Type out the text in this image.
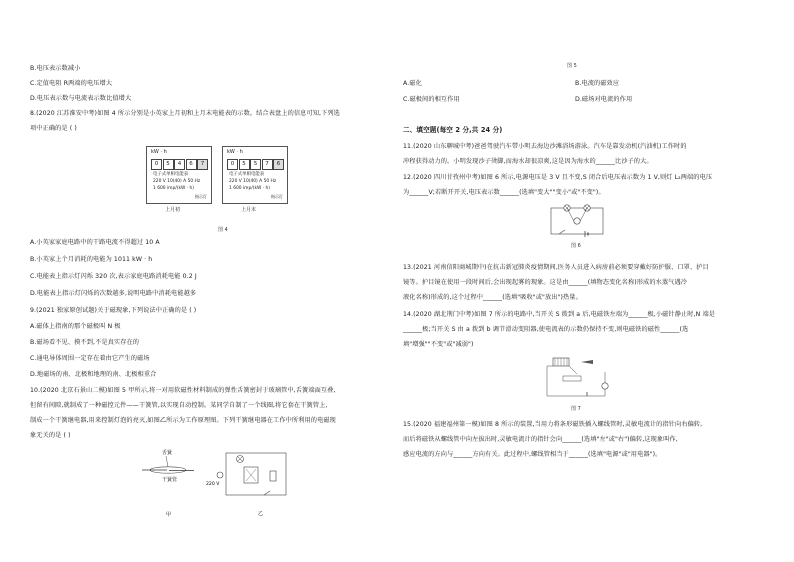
B.电压表示数减小
C.定值电阻 R两端的电压增大
D.电压表示数与电流表示数比值增大
8.(2020 江苏淮安中考)如图 4 所示分别是小英家上月初和上月末电能表的示数。结合表盘上的信息可知,下列选
项中正确的是 ( )
kW · h
0	5	4	6	7
电子式单相电能表
220 V 10(40) A 50 Hz
1 600 imp/(kW · h)
指示灯
上月初
kW · h
0	5	5	7	6
电子式单相电能表
220 V 10(40) A 50 Hz
1 600 imp/(kW · h)
指示灯
上月末
图 4
A.小英家家庭电路中的干路电流不得超过 10 A
B.小英家上个月消耗的电能为 1011 kW · h
C.电能表上指示灯闪烁 320 次,表示家庭电路消耗电能 0.2 J
D.电能表上指示灯闪烁的次数越多,说明电路中消耗电能越多
9.(2021 独家原创试题)关于磁现象,下列说法中正确的是 ( )
A.磁体上指南的那个磁极叫 N 极
B.磁场看不见、摸不到,不是真实存在的
C.通电导体周围一定存在着由它产生的磁场
D.地磁场的南、北极和地理的南、北极相重合
10.(2020 北京石景山二模)如图 5 甲所示,将一对用软磁性材料制成的弹性舌簧密封于玻璃管中,舌簧端面互叠,
但留有间隙,就制成了一种磁控元件——干簧管,以实现自动控制。某同学自制了一个线圈,将它套在干簧管上,
制成一个干簧继电器,用来控制灯泡的亮灭,如图乙所示为工作原理图。下列干簧继电器在工作中所利用的电磁现
象无关的是 ( )
舌簧
干簧管
甲
220 V
乙
图 5
A.磁化	B.电流的磁效应
C.磁极间的相互作用	D.磁场对电流的作用
二、填空题(每空 2 分,共 24 分)
11.(2020 山东聊城中考)爸爸驾驶汽车带小明去海边沙滩浴场游泳。汽车是靠发动机(汽油机)工作时的
冲程获得动力的。小明发现沙子烫脚,而海水却很凉爽,这是因为海水的______比沙子的大。
12.(2020 四川甘孜州中考)如图 6 所示,电源电压是 3 V 且不变,S 闭合后电压表示数为 1 V,则灯 L₂两端的电压
为______V;若断开开关,电压表示数______(选填"变大""变小"或"不变")。
图 6
13.(2021 河南信阳商城期中)在抗击新冠肺炎疫情期间,医务人员进入病房前必须要穿戴好防护服、口罩、护目
镜等。护目镜在使用一段时间后,会出现起雾的现象。这是由______(填物态变化名称)形成的水蒸气遇冷
液化名称)形成的,这个过程中______(选填"吸收"或"放出")热量。
14.(2020 湖北荆门中考)如图 7 所示的电路中,当开关 S 拨到 a 后,电磁铁左端为______极,小磁针静止时,N 端是
______极;当开关 S 由 a 拨到 b 调节滑动变阻器,使电流表的示数仍保持不变,则电磁铁的磁性______(选
填"增强""不变"或"减弱")
图 7
15.(2020 福建福州第一模)如图 8 所示的装置,当用力将条形磁铁插入螺线管时,灵敏电流计的指针向右偏转,
而后将磁铁从螺线管中向左拔出时,灵敏电流计的指针会向______(选填"左"或"右")偏转,这现象叫作,
感应电流的方向与______方向有关。此过程中,螺线管相当于______(选填"电源"或"用电器")。
